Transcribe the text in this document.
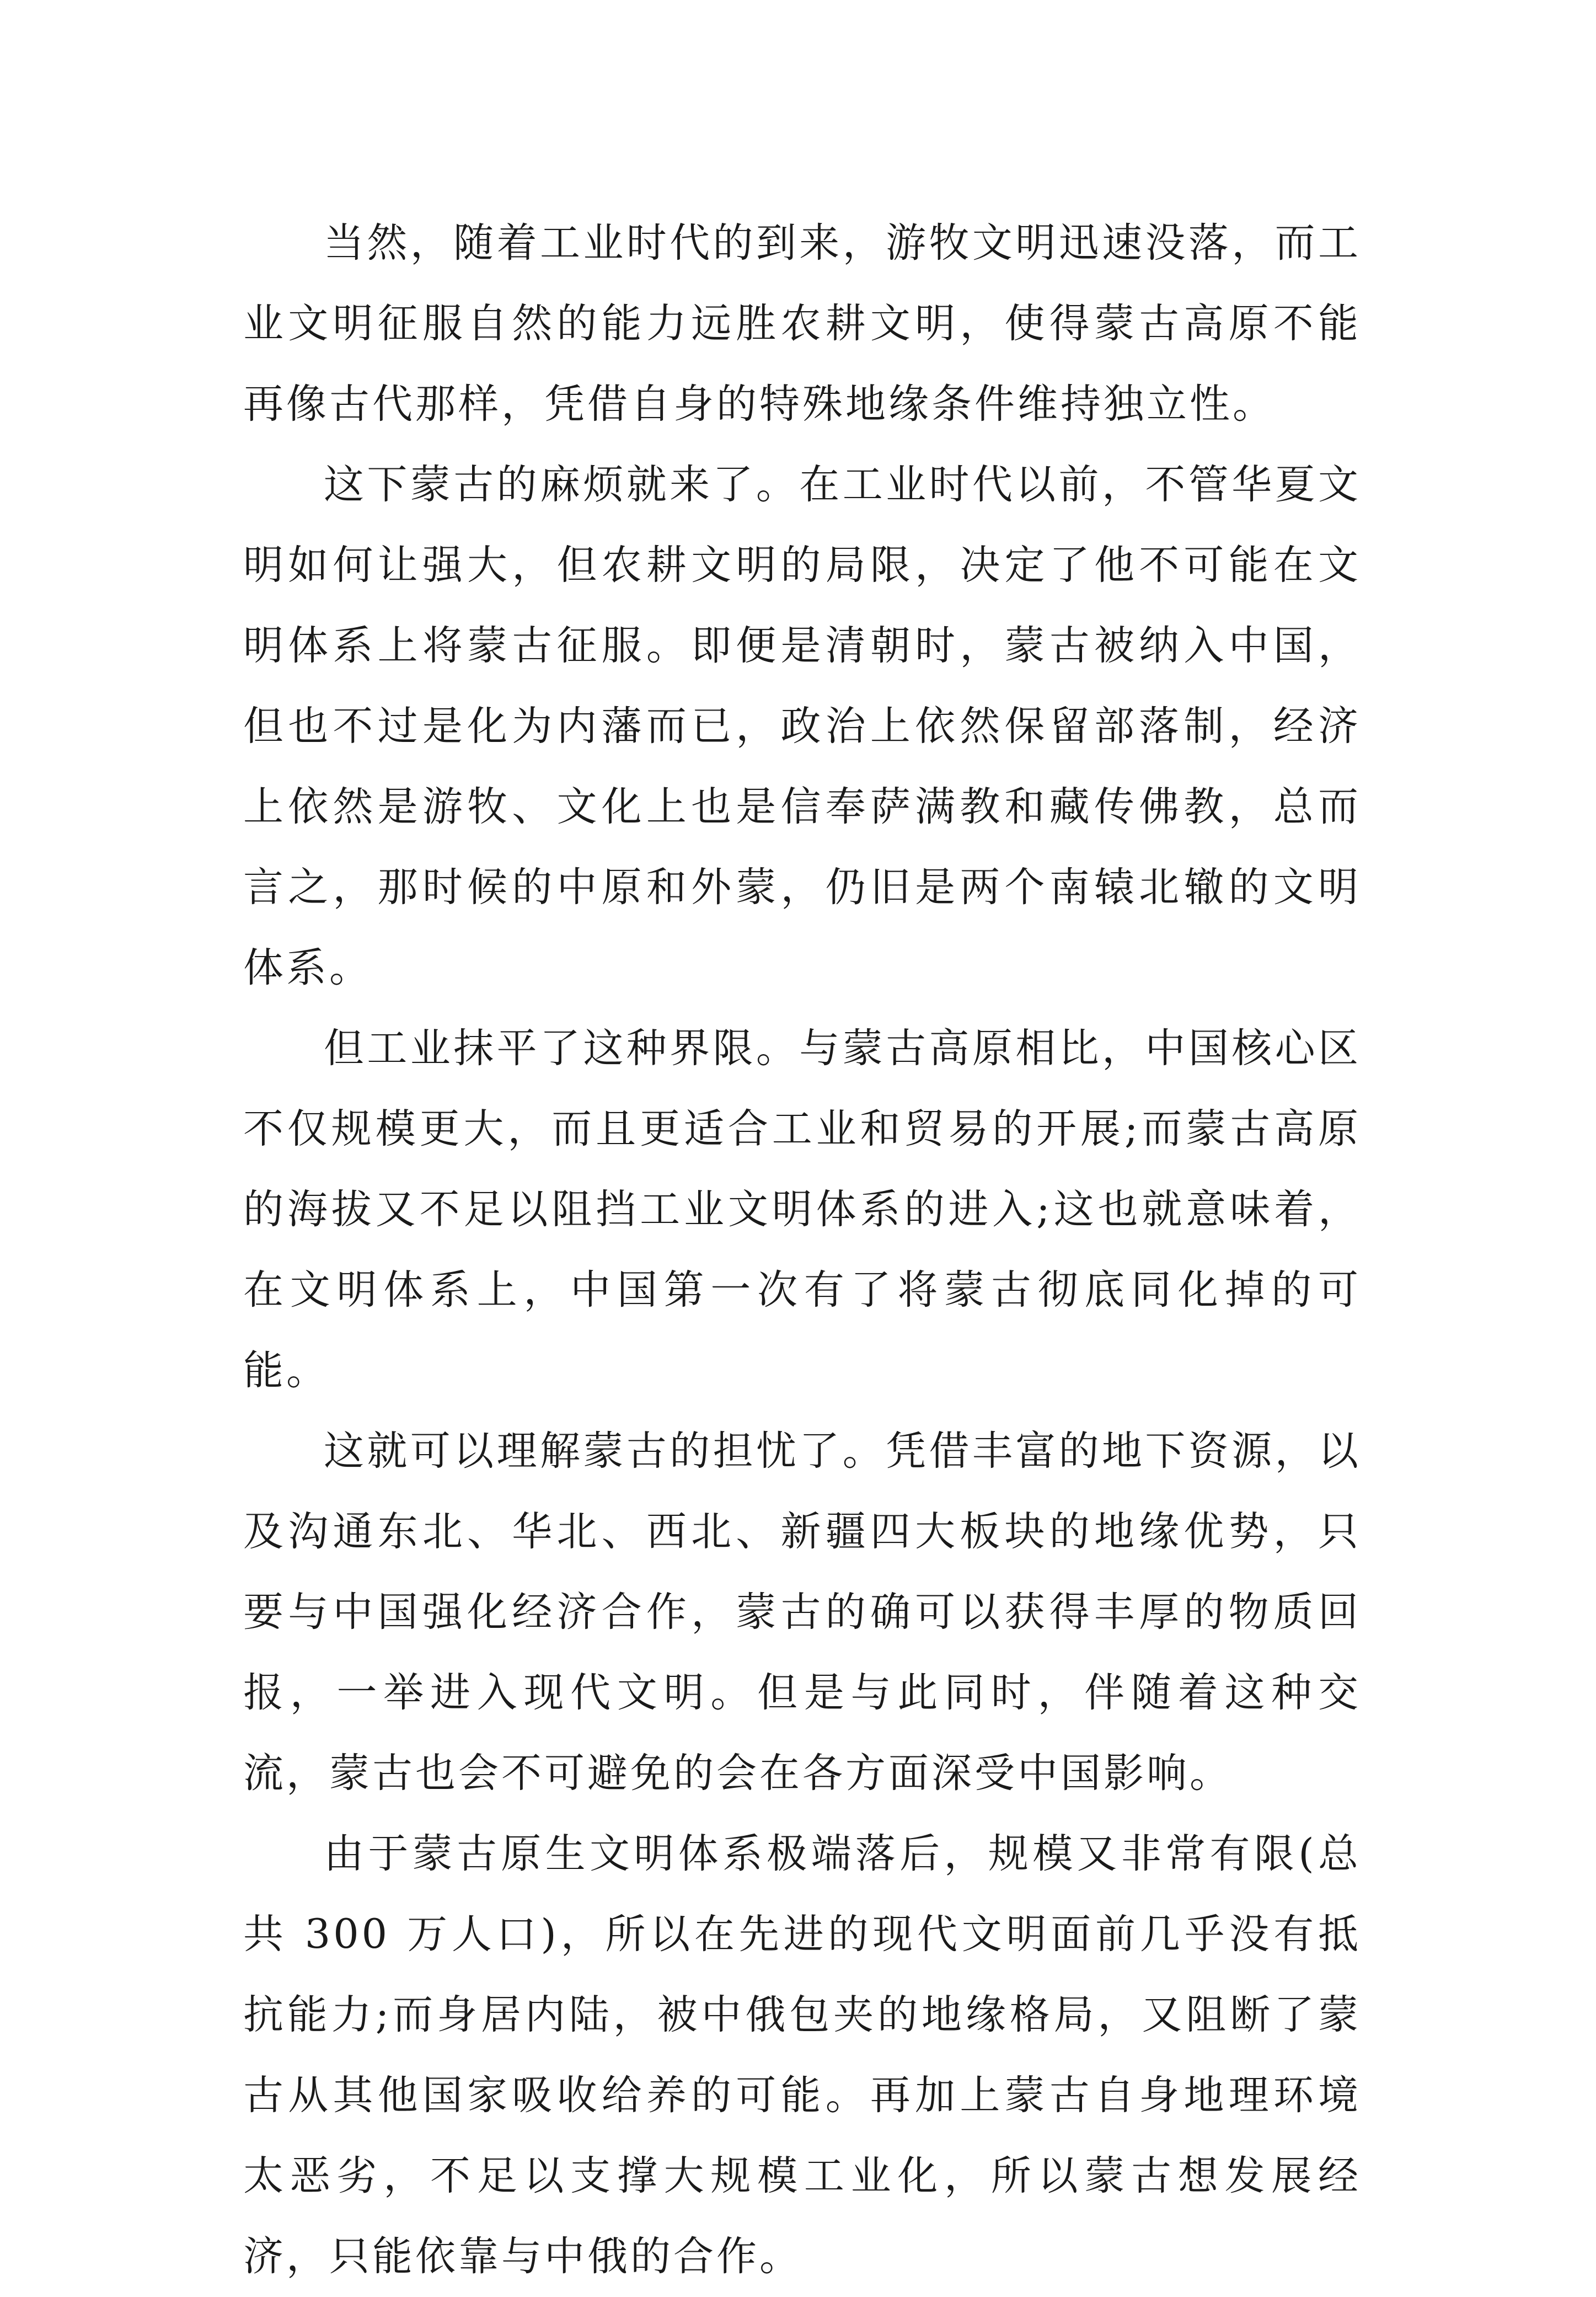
当然，随着工业时代的到来，游牧文明迅速没落，而工业文明征服自然的能力远胜农耕文明，使得蒙古高原不能再像古代那样，凭借自身的特殊地缘条件维持独立性。

这下蒙古的麻烦就来了。在工业时代以前，不管华夏文明如何让强大，但农耕文明的局限，决定了他不可能在文明体系上将蒙古征服。即便是清朝时，蒙古被纳入中国，但也不过是化为内藩而已，政治上依然保留部落制，经济上依然是游牧、文化上也是信奉萨满教和藏传佛教，总而言之，那时候的中原和外蒙，仍旧是两个南辕北辙的文明体系。

但工业抹平了这种界限。与蒙古高原相比，中国核心区不仅规模更大，而且更适合工业和贸易的开展;而蒙古高原的海拔又不足以阻挡工业文明体系的进入;这也就意味着，在文明体系上，中国第一次有了将蒙古彻底同化掉的可能。

这就可以理解蒙古的担忧了。凭借丰富的地下资源，以及沟通东北、华北、西北、新疆四大板块的地缘优势，只要与中国强化经济合作，蒙古的确可以获得丰厚的物质回报，一举进入现代文明。但是与此同时，伴随着这种交流，蒙古也会不可避免的会在各方面深受中国影响。

由于蒙古原生文明体系极端落后，规模又非常有限(总共 300 万人口)，所以在先进的现代文明面前几乎没有抵抗能力;而身居内陆，被中俄包夹的地缘格局，又阻断了蒙古从其他国家吸收给养的可能。再加上蒙古自身地理环境太恶劣，不足以支撑大规模工业化，所以蒙古想发展经济，只能依靠与中俄的合作。
